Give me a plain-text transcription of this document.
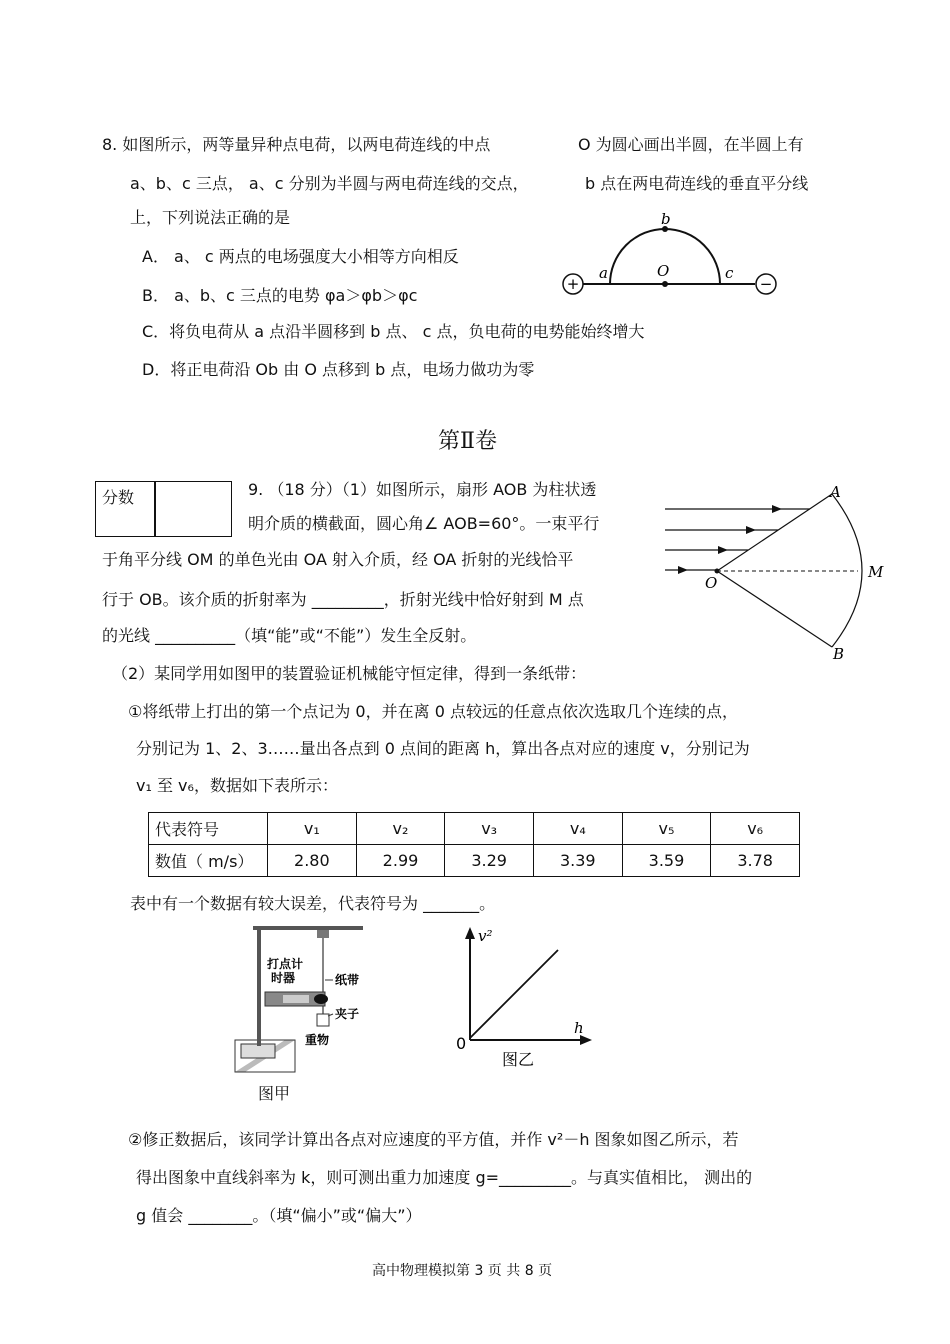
8. 如图所示，两等量异种点电荷，以两电荷连线的中点	O 为圆心画出半圆，在半圆上有
a、b、c 三点， a、c 分别为半圆与两电荷连线的交点，	b 点在两电荷连线的垂直平分线
上，下列说法正确的是
A． a、 c 两点的电场强度大小相等方向相反
B． a、b、c 三点的电势 φa＞φb＞φc
C．将负电荷从 a 点沿半圆移到 b 点、 c 点，负电荷的电势能始终增大
D．将正电荷沿 Ob 由 O 点移到 b 点，电场力做功为零
+	−
b
a	O	c
第Ⅱ卷
分数	9. （18 分）（1）如图所示，扇形 AOB 为柱状透
明介质的横截面，圆心角∠ AOB=60°。一束平行
于角平分线 OM 的单色光由 OA 射入介质，经 OA 折射的光线恰平
行于 OB。该介质的折射率为 _________，折射光线中恰好射到 M 点
的光线 __________（填“能”或“不能”）发生全反射。
A
O
M
B
（2）某同学用如图甲的装置验证机械能守恒定律，得到一条纸带：
①将纸带上打出的第一个点记为 0，并在离 0 点较远的任意点依次选取几个连续的点，
分别记为 1、2、3……量出各点到 0 点间的距离 h，算出各点对应的速度 v，分别记为
v₁ 至 v₆，数据如下表所示：
代表符号	v₁	v₂	v₃	v₄	v₅	v₆
数值（ m/s）	2.80	2.99	3.29	3.39	3.59	3.78
表中有一个数据有较大误差，代表符号为 _______。
打点计
时器	纸带
夹子
重物
图甲
v²
h
0
图乙
②修正数据后，该同学计算出各点对应速度的平方值，并作 v²－h 图象如图乙所示，若
得出图象中直线斜率为 k，则可测出重力加速度 g=_________。与真实值相比， 测出的
g 值会 ________。（填“偏小”或“偏大”）
高中物理模拟第 3 页 共 8 页
